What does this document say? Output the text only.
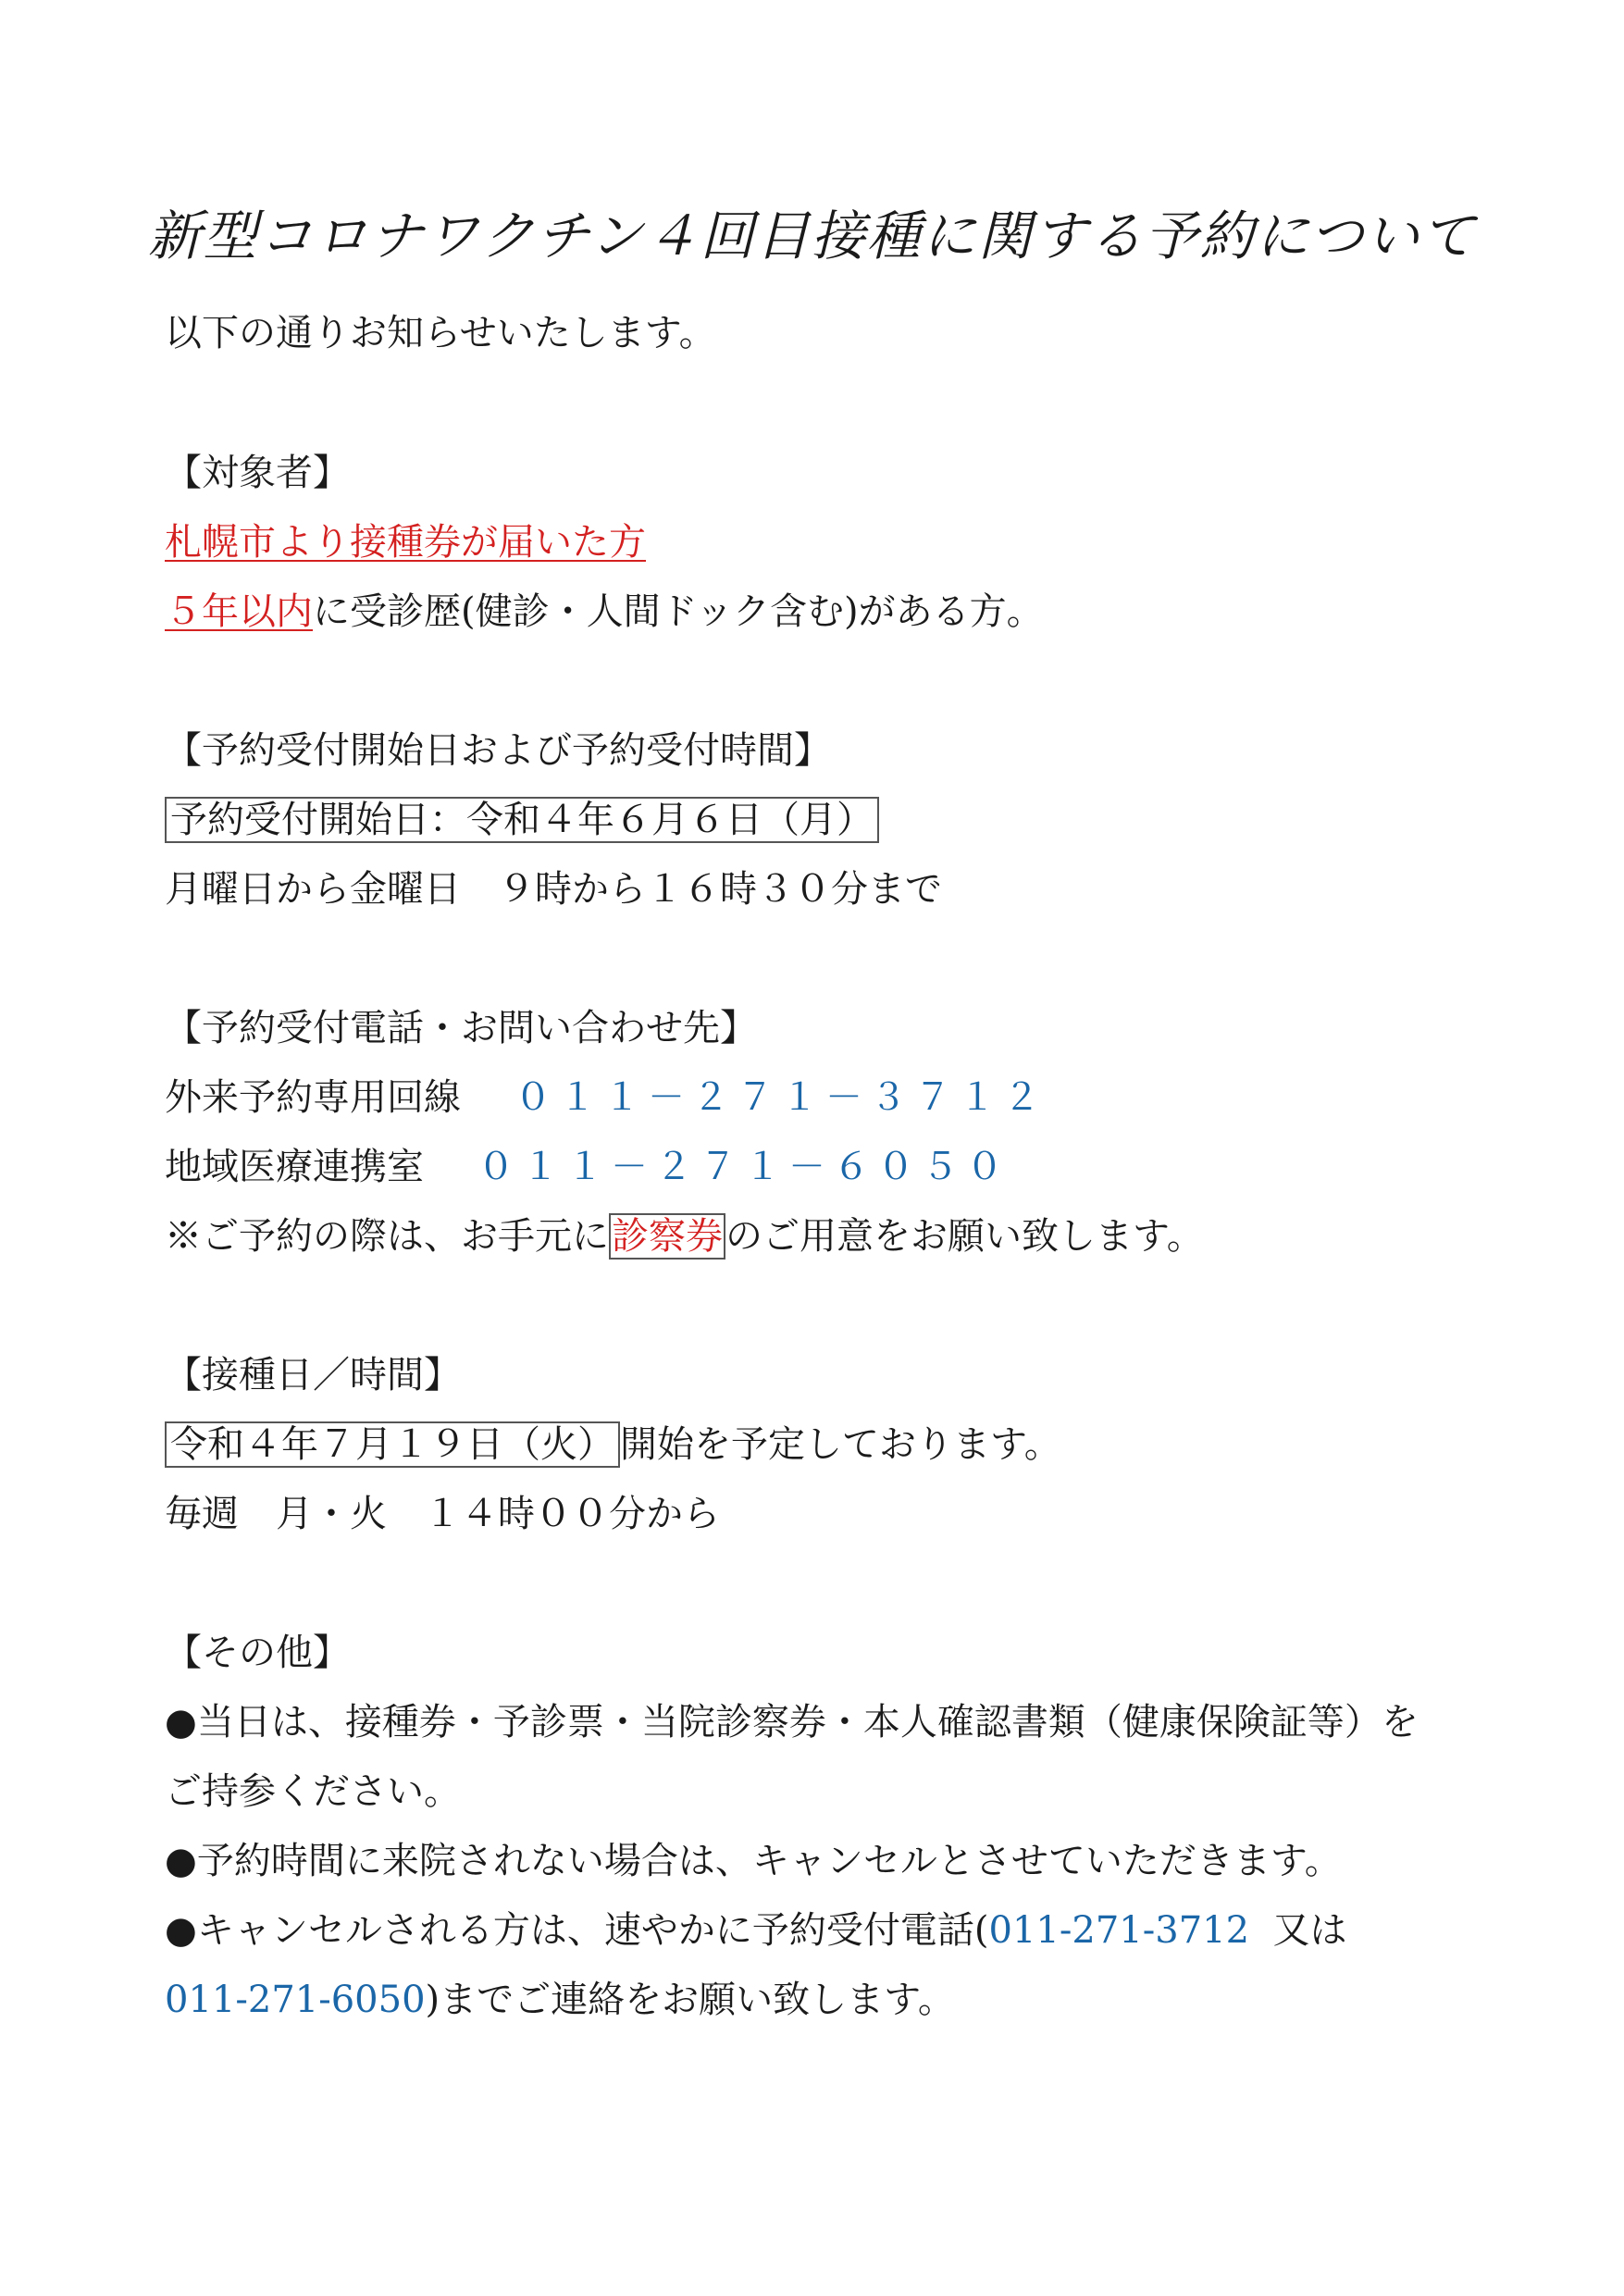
新型コロナワクチン４回目接種に関する予約について
以下の通りお知らせいたします。
【対象者】
札幌市より接種券が届いた方
５年以内に受診歴(健診・人間ドック含む)がある方。
【予約受付開始日および予約受付時間】
予約受付開始日：令和４年６月６日（月）
月曜日から金曜日　９時から１６時３０分まで
【予約受付電話・お問い合わせ先】
外来予約専用回線 ０１１－２７１－３７１２
地域医療連携室 ０１１－２７１－６０５０
※ご予約の際は、お手元に診察券のご用意をお願い致します。
【接種日／時間】
令和４年７月１９日（火） 開始を予定しております。
毎週　月・火　１４時００分から
【その他】
●当日は、接種券・予診票・当院診察券・本人確認書類（健康保険証等）を
ご持参ください。
●予約時間に来院されない場合は、キャンセルとさせていただきます。
●キャンセルされる方は、速やかに予約受付電話(011-271-3712  又は
011-271-6050)までご連絡をお願い致します。
